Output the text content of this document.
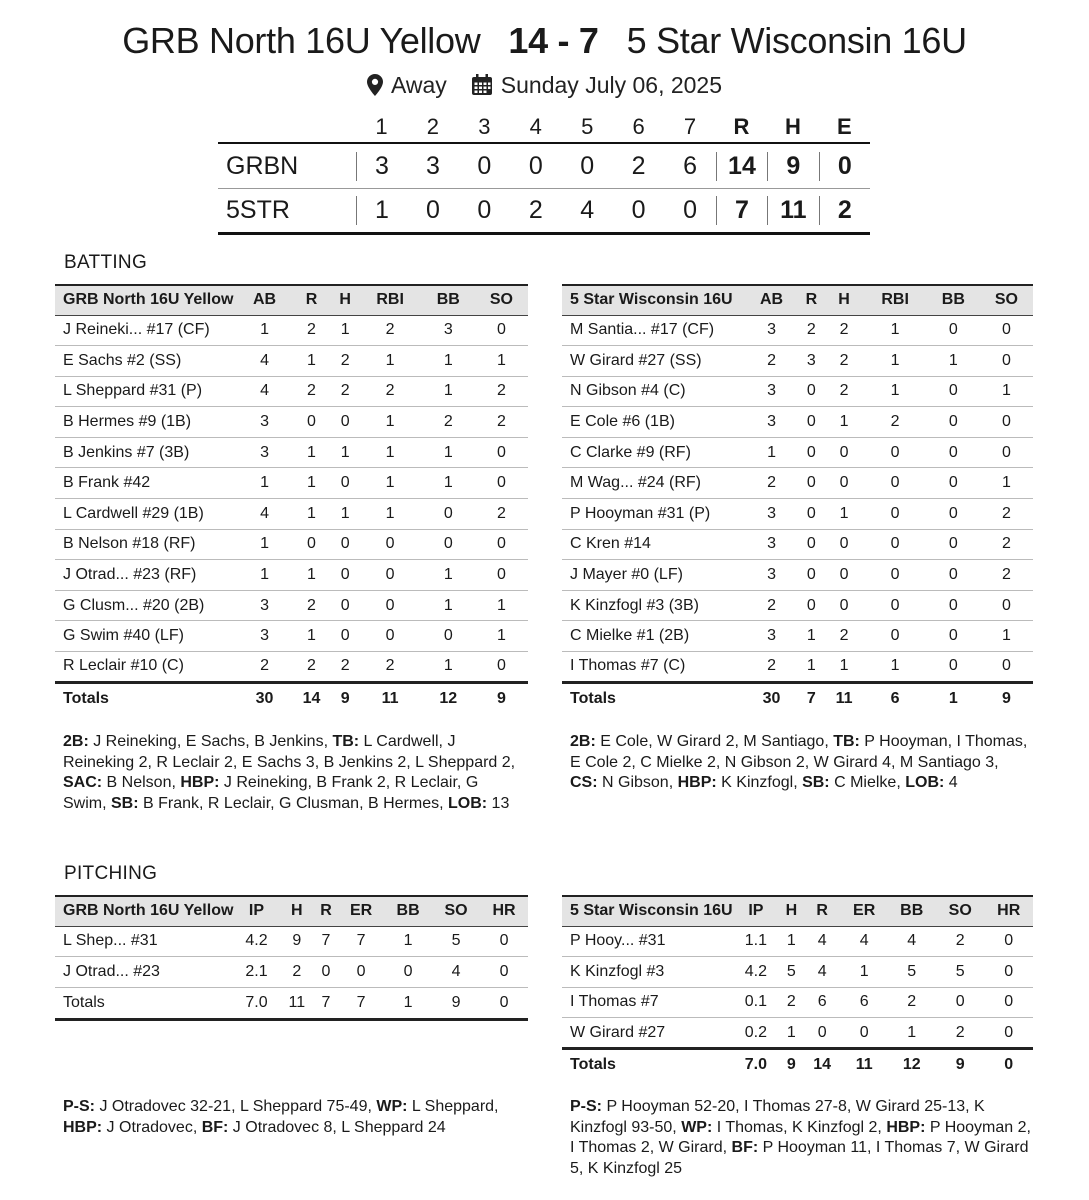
GRB North 16U Yellow 14 - 7 5 Star Wisconsin 16U
Away Sunday July 06, 2025
1	2	3	4	5	6	7	R	H	E
GRBN	3	3	0	0	0	2	6	14	9	0
5STR	1	0	0	2	4	0	0	7	11	2
BATTING
GRB North 16U Yellow	AB	R	H	RBI	BB	SO
J Reineki... #17 (CF)	1	2	1	2	3	0
E Sachs #2 (SS)	4	1	2	1	1	1
L Sheppard #31 (P)	4	2	2	2	1	2
B Hermes #9 (1B)	3	0	0	1	2	2
B Jenkins #7 (3B)	3	1	1	1	1	0
B Frank #42	1	1	0	1	1	0
L Cardwell #29 (1B)	4	1	1	1	0	2
B Nelson #18 (RF)	1	0	0	0	0	0
J Otrad... #23 (RF)	1	1	0	0	1	0
G Clusm... #20 (2B)	3	2	0	0	1	1
G Swim #40 (LF)	3	1	0	0	0	1
R Leclair #10 (C)	2	2	2	2	1	0
Totals	30	14	9	11	12	9
5 Star Wisconsin 16U	AB	R	H	RBI	BB	SO
M Santia... #17 (CF)	3	2	2	1	0	0
W Girard #27 (SS)	2	3	2	1	1	0
N Gibson #4 (C)	3	0	2	1	0	1
E Cole #6 (1B)	3	0	1	2	0	0
C Clarke #9 (RF)	1	0	0	0	0	0
M Wag... #24 (RF)	2	0	0	0	0	1
P Hooyman #31 (P)	3	0	1	0	0	2
C Kren #14	3	0	0	0	0	2
J Mayer #0 (LF)	3	0	0	0	0	2
K Kinzfogl #3 (3B)	2	0	0	0	0	0
C Mielke #1 (2B)	3	1	2	0	0	1
I Thomas #7 (C)	2	1	1	1	0	0
Totals	30	7	11	6	1	9
2B: J Reineking, E Sachs, B Jenkins, TB: L Cardwell, J Reineking 2, R Leclair 2, E Sachs 3, B Jenkins 2, L Sheppard 2, SAC: B Nelson, HBP: J Reineking, B Frank 2, R Leclair, G Swim, SB: B Frank, R Leclair, G Clusman, B Hermes, LOB: 13
2B: E Cole, W Girard 2, M Santiago, TB: P Hooyman, I Thomas, E Cole 2, C Mielke 2, N Gibson 2, W Girard 4, M Santiago 3, CS: N Gibson, HBP: K Kinzfogl, SB: C Mielke, LOB: 4
PITCHING
GRB North 16U Yellow	IP	H	R	ER	BB	SO	HR
L Shep... #31	4.2	9	7	7	1	5	0
J Otrad... #23	2.1	2	0	0	0	4	0
Totals	7.0	11	7	7	1	9	0
5 Star Wisconsin 16U	IP	H	R	ER	BB	SO	HR
P Hooy... #31	1.1	1	4	4	4	2	0
K Kinzfogl #3	4.2	5	4	1	5	5	0
I Thomas #7	0.1	2	6	6	2	0	0
W Girard #27	0.2	1	0	0	1	2	0
Totals	7.0	9	14	11	12	9	0
P-S: J Otradovec 32-21, L Sheppard 75-49, WP: L Sheppard, HBP: J Otradovec, BF: J Otradovec 8, L Sheppard 24
P-S: P Hooyman 52-20, I Thomas 27-8, W Girard 25-13, K Kinzfogl 93-50, WP: I Thomas, K Kinzfogl 2, HBP: P Hooyman 2, I Thomas 2, W Girard, BF: P Hooyman 11, I Thomas 7, W Girard 5, K Kinzfogl 25
